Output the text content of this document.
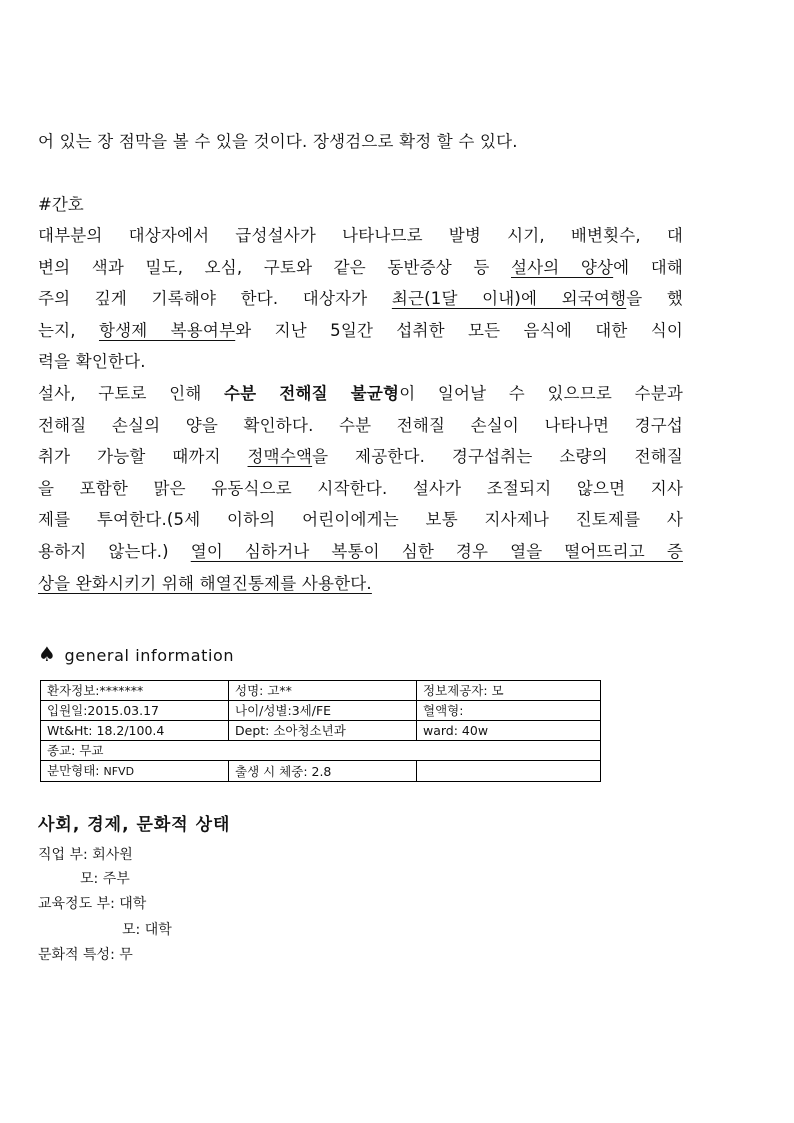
어 있는 장 점막을 볼 수 있을 것이다. 장생검으로 확정 할 수 있다.
#간호
대부분의 대상자에서 급성설사가 나타나므로 발병 시기, 배변횟수, 대
변의 색과 밀도, 오심, 구토와 같은 동반증상 등 설사의 양상에 대해
주의 깊게 기록해야 한다. 대상자가 최근(1달 이내)에 외국여행을 했
는지, 항생제 복용여부와 지난 5일간 섭취한 모든 음식에 대한 식이
력을 확인한다.
설사, 구토로 인해 수분 전해질 불균형이 일어날 수 있으므로 수분과
전해질 손실의 양을 확인하다. 수분 전해질 손실이 나타나면 경구섭
취가 가능할 때까지 정맥수액을 제공한다. 경구섭취는 소량의 전해질
을 포함한 맑은 유동식으로 시작한다. 설사가 조절되지 않으면 지사
제를 투여한다.(5세 이하의 어린이에게는 보통 지사제나 진토제를 사
용하지 않는다.) 열이 심하거나 복통이 심한 경우 열을 떨어뜨리고 증
상을 완화시키기 위해 해열진통제를 사용한다.
♠ general information
환자정보:*******	성명: 고**	정보제공자: 모
입원일:2015.03.17	나이/성별:3세/FE	혈액형:
Wt&Ht: 18.2/100.4	Dept: 소아청소년과	ward: 40w
종교: 무교		
분만형태: NFVD	출생 시 체중: 2.8	
사회, 경제, 문화적 상태
직업 부: 회사원
모: 주부
교육정도 부: 대학
모: 대학
문화적 특성: 무
